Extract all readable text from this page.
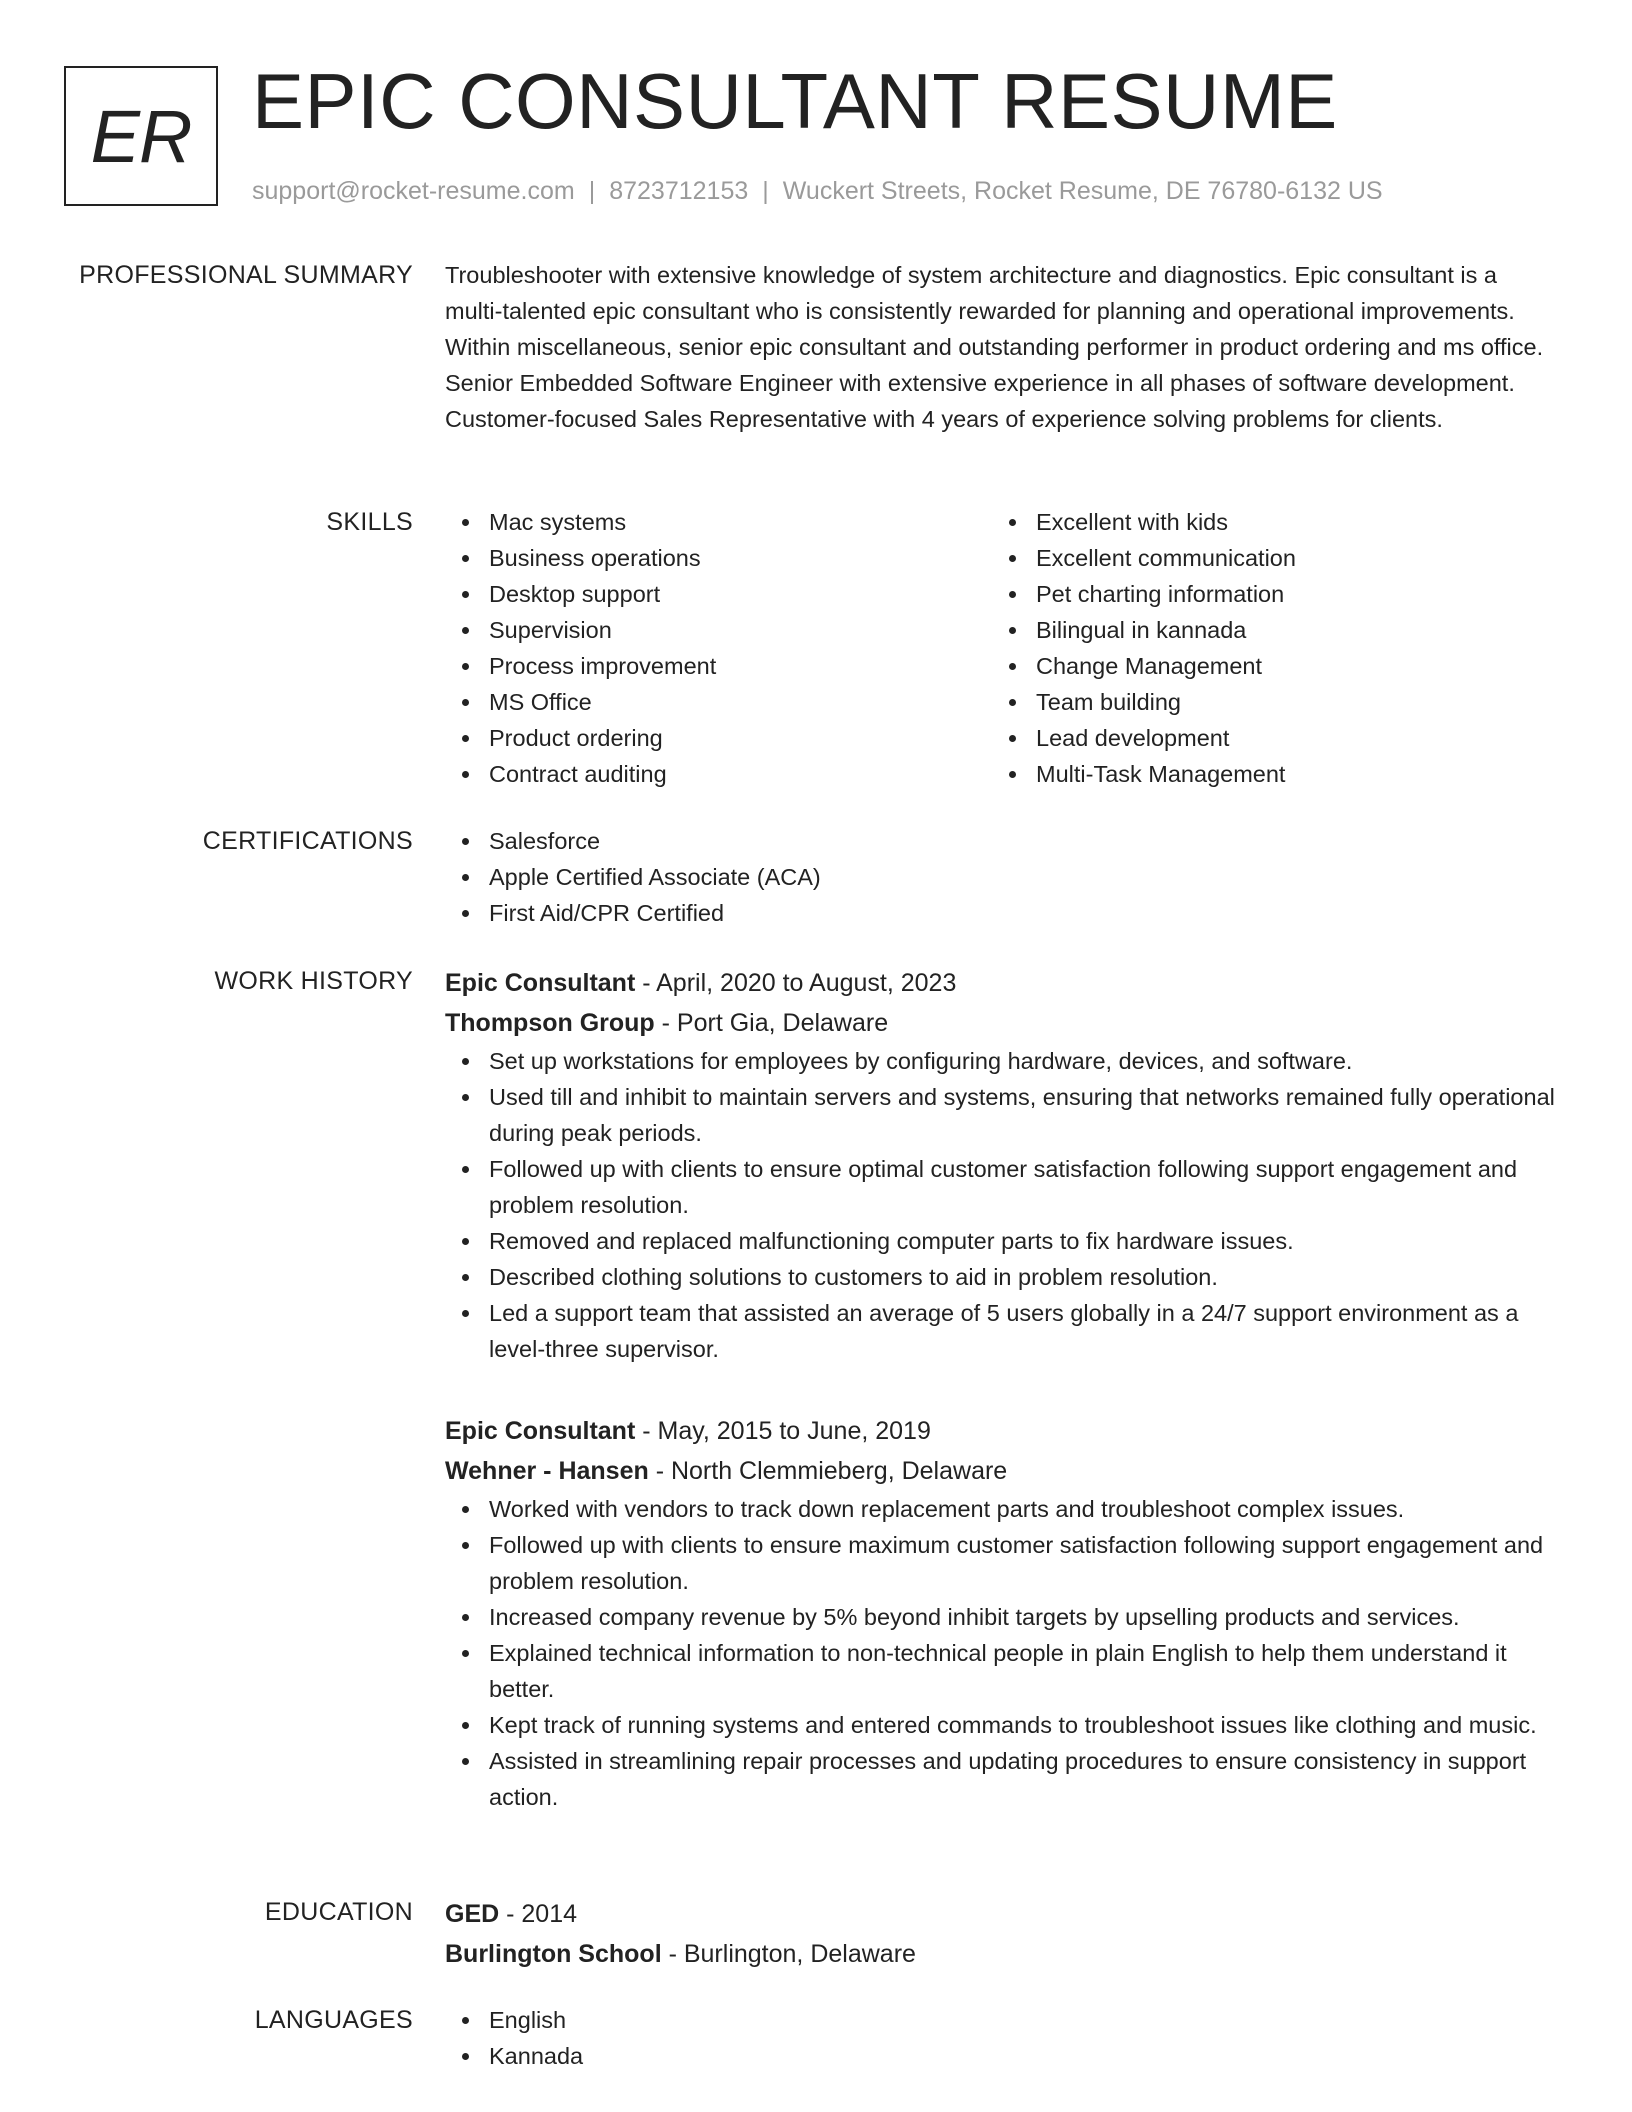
ER EPIC CONSULTANT RESUME
support@rocket-resume.com | 8723712153 | Wuckert Streets, Rocket Resume, DE 76780-6132 US
PROFESSIONAL SUMMARY Troubleshooter with extensive knowledge of system architecture and diagnostics. Epic consultant is a multi-talented epic consultant who is consistently rewarded for planning and operational improvements. Within miscellaneous, senior epic consultant and outstanding performer in product ordering and ms office. Senior Embedded Software Engineer with extensive experience in all phases of software development. Customer-focused Sales Representative with 4 years of experience solving problems for clients.
SKILLS	Mac systems
Business operations
Desktop support
Supervision
Process improvement
MS Office
Product ordering
Contract auditing
Excellent with kids
Excellent communication
Pet charting information
Bilingual in kannada
Change Management
Team building
Lead development
Multi-Task Management
CERTIFICATIONS	Salesforce
Apple Certified Associate (ACA)
First Aid/CPR Certified
WORK HISTORY Epic Consultant - April, 2020 to August, 2023
Thompson Group - Port Gia, Delaware
Set up workstations for employees by configuring hardware, devices, and software.
Used till and inhibit to maintain servers and systems, ensuring that networks remained fully operational during peak periods.
Followed up with clients to ensure optimal customer satisfaction following support engagement and problem resolution.
Removed and replaced malfunctioning computer parts to fix hardware issues.
Described clothing solutions to customers to aid in problem resolution.
Led a support team that assisted an average of 5 users globally in a 24/7 support environment as a level-three supervisor.
Epic Consultant - May, 2015 to June, 2019
Wehner - Hansen - North Clemmieberg, Delaware
Worked with vendors to track down replacement parts and troubleshoot complex issues.
Followed up with clients to ensure maximum customer satisfaction following support engagement and problem resolution.
Increased company revenue by 5% beyond inhibit targets by upselling products and services.
Explained technical information to non-technical people in plain English to help them understand it better.
Kept track of running systems and entered commands to troubleshoot issues like clothing and music.
Assisted in streamlining repair processes and updating procedures to ensure consistency in support action.
EDUCATION GED - 2014
Burlington School - Burlington, Delaware
LANGUAGES	English
Kannada
